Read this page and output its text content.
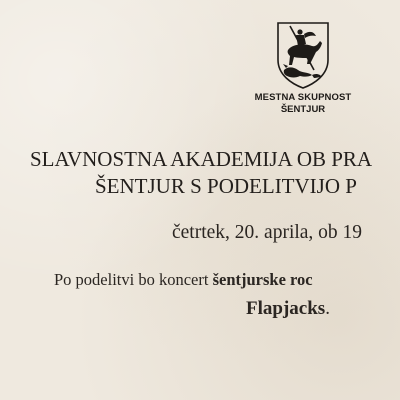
MESTNA SKUPNOST
ŠENTJUR
SLAVNOSTNA AKADEMIJA OB PRA
ŠENTJUR S PODELITVIJO P
četrtek, 20. aprila, ob 19
Po podelitvi bo koncert šentjurske roc
Flapjacks.
